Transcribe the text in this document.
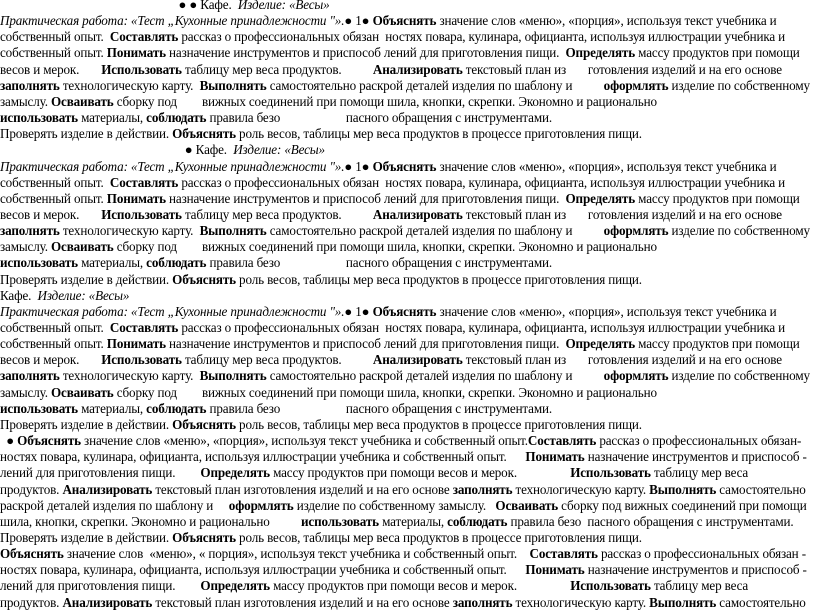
● ● Кафе.  Изделие: «Весы»
Практическая работа: «Тест „Кухонные принадлежности "».● 1● Объяснять значение слов «меню», «порция», используя текст учебника и
собственный опыт.  Составлять рассказ о профессиональных обязан  ностях повара, кулинара, официанта, используя иллюстрации учебника и
собственный опыт. Понимать назначение инструментов и приспособ лений для приготовления пищи.  Определять массу продуктов при помощи
весов и мерок.       Использовать таблицу мер веса продуктов.          Анализировать текстовый план из       готовления изделий и на его основе
заполнять технологическую карту.  Выполнять самостоятельно раскрой деталей изделия по шаблону и          оформлять изделие по собственному
замыслу. Осваивать сборку под        вижных соединений при помощи шила, кнопки, скрепки. Экономно и рационально
использовать материалы, соблюдать правила безо                     пасного обращения с инструментами.
Проверять изделие в действии. Объяснять роль весов, таблицы мер веса продуктов в процессе приготовления пищи.
● Кафе.  Изделие: «Весы»
Практическая работа: «Тест „Кухонные принадлежности "».● 1● Объяснять значение слов «меню», «порция», используя текст учебника и
собственный опыт.  Составлять рассказ о профессиональных обязан  ностях повара, кулинара, официанта, используя иллюстрации учебника и
собственный опыт. Понимать назначение инструментов и приспособ лений для приготовления пищи.  Определять массу продуктов при помощи
весов и мерок.       Использовать таблицу мер веса продуктов.          Анализировать текстовый план из       готовления изделий и на его основе
заполнять технологическую карту.  Выполнять самостоятельно раскрой деталей изделия по шаблону и          оформлять изделие по собственному
замыслу. Осваивать сборку под        вижных соединений при помощи шила, кнопки, скрепки. Экономно и рационально
использовать материалы, соблюдать правила безо                     пасного обращения с инструментами.
Проверять изделие в действии. Объяснять роль весов, таблицы мер веса продуктов в процессе приготовления пищи.
Кафе.  Изделие: «Весы»
Практическая работа: «Тест „Кухонные принадлежности "».● 1● Объяснять значение слов «меню», «порция», используя текст учебника и
собственный опыт.  Составлять рассказ о профессиональных обязан  ностях повара, кулинара, официанта, используя иллюстрации учебника и
собственный опыт. Понимать назначение инструментов и приспособ лений для приготовления пищи.  Определять массу продуктов при помощи
весов и мерок.       Использовать таблицу мер веса продуктов.          Анализировать текстовый план из       готовления изделий и на его основе
заполнять технологическую карту.  Выполнять самостоятельно раскрой деталей изделия по шаблону и          оформлять изделие по собственному
замыслу. Осваивать сборку под        вижных соединений при помощи шила, кнопки, скрепки. Экономно и рационально
использовать материалы, соблюдать правила безо                     пасного обращения с инструментами.
Проверять изделие в действии. Объяснять роль весов, таблицы мер веса продуктов в процессе приготовления пищи.
● Объяснять значение слов «меню», «порция», используя текст учебника и собственный опыт.Составлять рассказ о профессиональных обязан-
ностях повара, кулинара, официанта, используя иллюстрации учебника и собственный опыт.      Понимать назначение инструментов и приспособ -
лений для приготовления пищи.        Определять массу продуктов при помощи весов и мерок.                 Использовать таблицу мер веса
продуктов. Анализировать текстовый план изготовления изделий и на его основе заполнять технологическую карту. Выполнять самостоятельно
раскрой деталей изделия по шаблону и     оформлять изделие по собственному замыслу.   Осваивать сборку под вижных соединений при помощи
шила, кнопки, скрепки. Экономно и рационально          использовать материалы, соблюдать правила безо  пасного обращения с инструментами.
Проверять изделие в действии. Объяснять роль весов, таблицы мер веса продуктов в процессе приготовления пищи.
Объяснять значение слов  «меню», « порция», используя текст учебника и собственный опыт.    Составлять рассказ о профессиональных обязан -
ностях повара, кулинара, официанта, используя иллюстрации учебника и собственный опыт.      Понимать назначение инструментов и приспособ -
лений для приготовления пищи.        Определять массу продуктов при помощи весов и мерок.                 Использовать таблицу мер веса
продуктов. Анализировать текстовый план изготовления изделий и на его основе заполнять технологическую карту. Выполнять самостоятельно
